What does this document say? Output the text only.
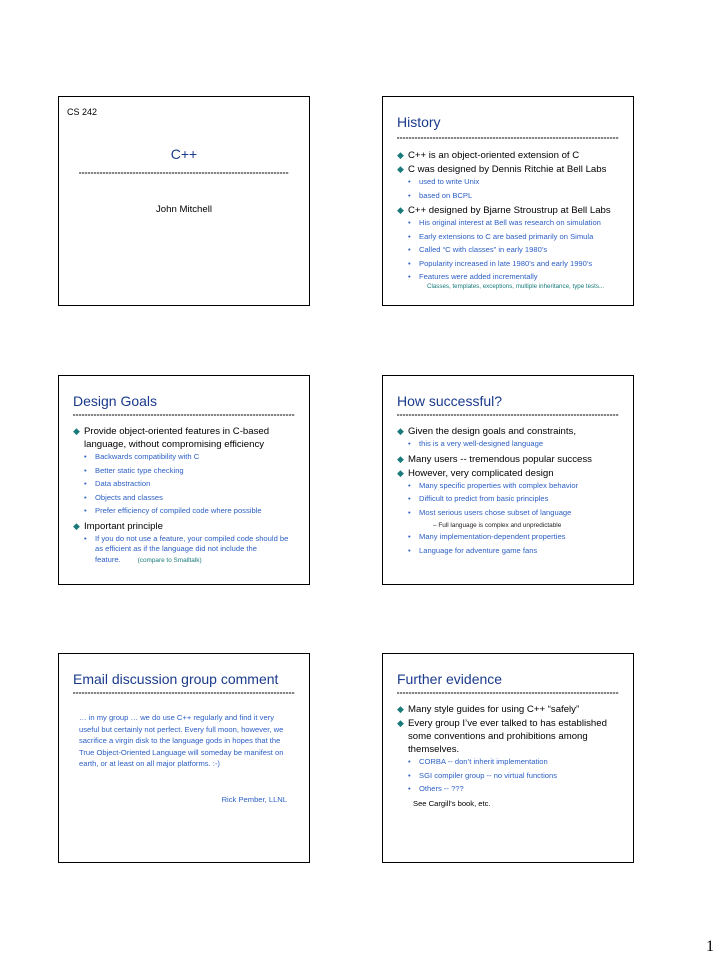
CS 242
C++
John Mitchell
History
◆ C++ is an object-oriented extension of C
◆ C was designed by Dennis Ritchie at Bell Labs
• used to write Unix
• based on BCPL
◆ C++ designed by Bjarne Stroustrup at Bell Labs
• His original interest at Bell was research on simulation
• Early extensions to C are based primarily on Simula
• Called “C with classes” in early 1980’s
• Popularity increased in late 1980’s and early 1990’s
• Features were added incrementally
Classes, templates, exceptions, multiple inheritance, type tests...
Design Goals
◆ Provide object-oriented features in C-based language, without compromising efficiency
• Backwards compatibility with C
• Better static type checking
• Data abstraction
• Objects and classes
• Prefer efficiency of compiled code where possible
◆ Important principle
• If you do not use a feature, your compiled code should be as efficient as if the language did not include the feature.	(compare to Smalltalk)
How successful?
◆ Given the design goals and constraints,
• this is a very well-designed language
◆ Many users -- tremendous popular success
◆ However, very complicated design
• Many specific properties with complex behavior
• Difficult to predict from basic principles
• Most serious users chose subset of language
– Full language is complex and unpredictable
• Many implementation-dependent properties
• Language for adventure game fans
Email discussion group comment
… in my group … we do use C++ regularly and find it very useful but certainly not perfect. Every full moon, however, we sacrifice a virgin disk to the language gods in hopes that the True Object-Oriented Language will someday be manifest on earth, or at least on all major platforms. :-)
Rick Pember, LLNL
Further evidence
◆ Many style guides for using C++ “safely”
◆ Every group I’ve ever talked to has established some conventions and prohibitions among themselves.
• CORBA -- don’t inherit implementation
• SGI compiler group -- no virtual functions
• Others -- ???
See Cargill’s book, etc.
1
